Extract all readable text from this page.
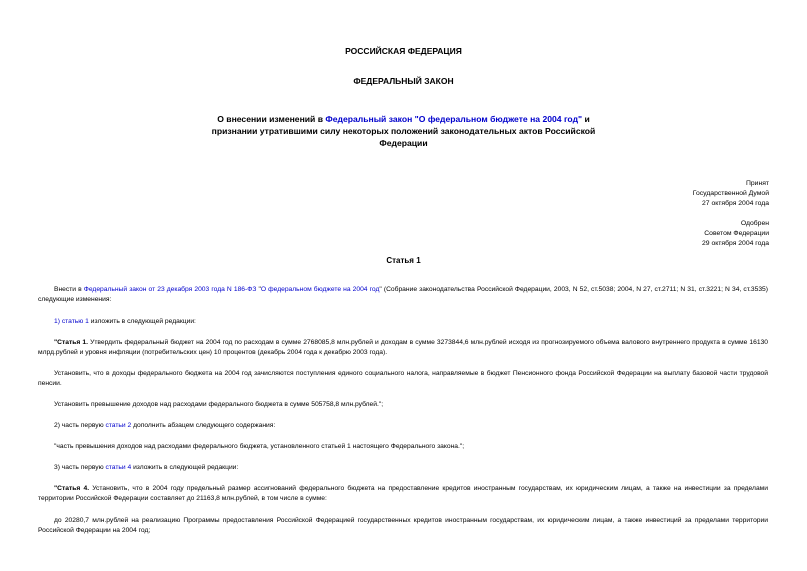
РОССИЙСКАЯ ФЕДЕРАЦИЯ
ФЕДЕРАЛЬНЫЙ ЗАКОН
О внесении изменений в Федеральный закон "О федеральном бюджете на 2004 год" и признании утратившими силу некоторых положений законодательных актов Российской Федерации
Принят
Государственной Думой
27 октября 2004 года
Одобрен
Советом Федерации
29 октября 2004 года
Статья 1
Внести в Федеральный закон от 23 декабря 2003 года N 186-ФЗ "О федеральном бюджете на 2004 год" (Собрание законодательства Российской Федерации, 2003, N 52, ст.5038; 2004, N 27, ст.2711; N 31, ст.3221; N 34, ст.3535) следующие изменения:
1) статью 1 изложить в следующей редакции:
"Статья 1. Утвердить федеральный бюджет на 2004 год по расходам в сумме 2768085,8 млн.рублей и доходам в сумме 3273844,6 млн.рублей исходя из прогнозируемого объема валового внутреннего продукта в сумме 16130 млрд.рублей и уровня инфляции (потребительских цен) 10 процентов (декабрь 2004 года к декабрю 2003 года).
Установить, что в доходы федерального бюджета на 2004 год зачисляются поступления единого социального налога, направляемые в бюджет Пенсионного фонда Российской Федерации на выплату базовой части трудовой пенсии.
Установить превышение доходов над расходами федерального бюджета в сумме 505758,8 млн.рублей.";
2) часть первую статьи 2 дополнить абзацем следующего содержания:
"часть превышения доходов над расходами федерального бюджета, установленного статьей 1 настоящего Федерального закона.";
3) часть первую статьи 4 изложить в следующей редакции:
"Статья 4. Установить, что в 2004 году предельный размер ассигнований федерального бюджета на предоставление кредитов иностранным государствам, их юридическим лицам, а также на инвестиции за пределами территории Российской Федерации составляет до 21163,8 млн.рублей, в том числе в сумме:
до 20280,7 млн.рублей на реализацию Программы предоставления Российской Федерацией государственных кредитов иностранным государствам, их юридическим лицам, а также инвестиций за пределами территории Российской Федерации на 2004 год;
